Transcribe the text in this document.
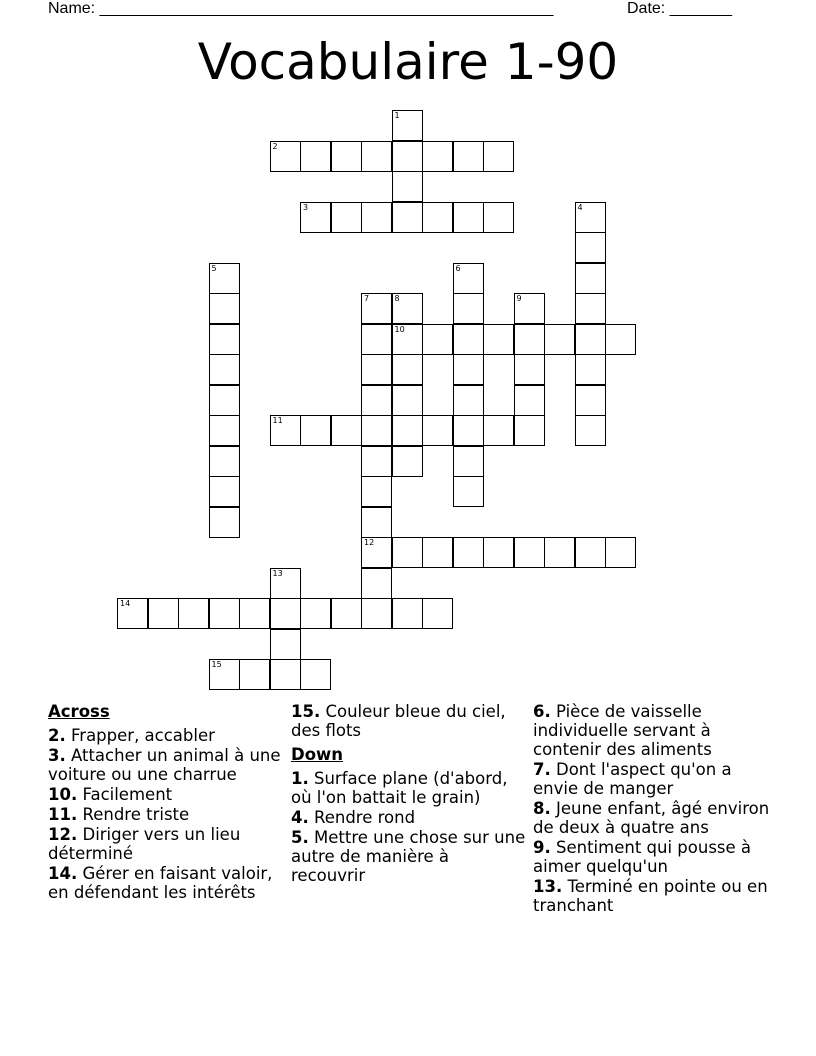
Name: ___________________________________________________	Date: _______
Vocabulaire 1-90
1
2
3	4
5	6
7
12
8
10
9
11
13
14
15
Across
2. Frapper, accabler
3. Attacher un animal à une voiture ou une charrue
10. Facilement
11. Rendre triste
12. Diriger vers un lieu déterminé
14. Gérer en faisant valoir, en défendant les intérêts
15. Couleur bleue du ciel, des flots
Down
1. Surface plane (d'abord, où l'on battait le grain)
4. Rendre rond
5. Mettre une chose sur une autre de manière à recouvrir
6. Pièce de vaisselle individuelle servant à contenir des aliments
7. Dont l'aspect qu'on a envie de manger
8. Jeune enfant, âgé environ de deux à quatre ans
9. Sentiment qui pousse à aimer quelqu'un
13. Terminé en pointe ou en tranchant
